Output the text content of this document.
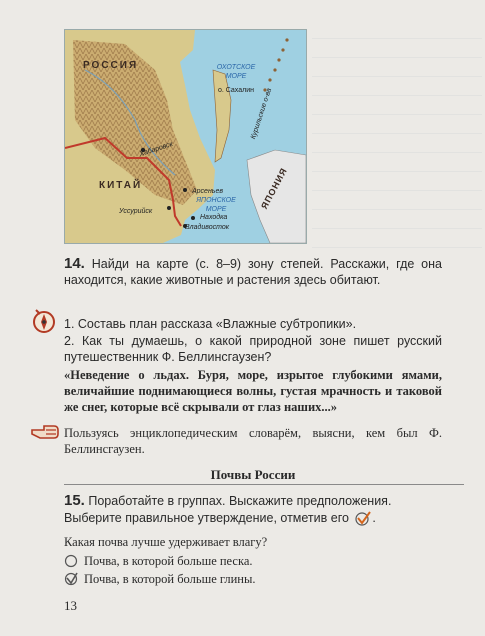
РОССИЯ
КИТАЙ
ОХОТСКОЕ МОРЕ
о. Сахалин
Курильские о-ва
Хабаровск
Арсеньев
ЯПОНСКОЕ МОРЕ	ЯПОНИЯ
Уссурийск
Находка
Владивосток
14. Найди на карте (с. 8–9) зону степей. Расскажи, где она находится, какие животные и растения здесь обитают.
1. Составь план рассказа «Влажные субтропики».
2. Как ты думаешь, о какой природной зоне пишет русский путешественник Ф. Беллинсгаузен?
«Неведение о льдах. Буря, море, изрытое глубокими ямами, величайшие поднимающиеся волны, густая мрачность и таковой же снег, которые всё скрывали от глаз наших...»
Пользуясь энциклопедическим словарём, выясни, кем был Ф. Беллинсгаузен.
Почвы России
15. Поработайте в группах. Выскажите предположения.
Выберите правильное утверждение, отметив его .
Какая почва лучше удерживает влагу?
Почва, в которой больше песка.
Почва, в которой больше глины.
13
